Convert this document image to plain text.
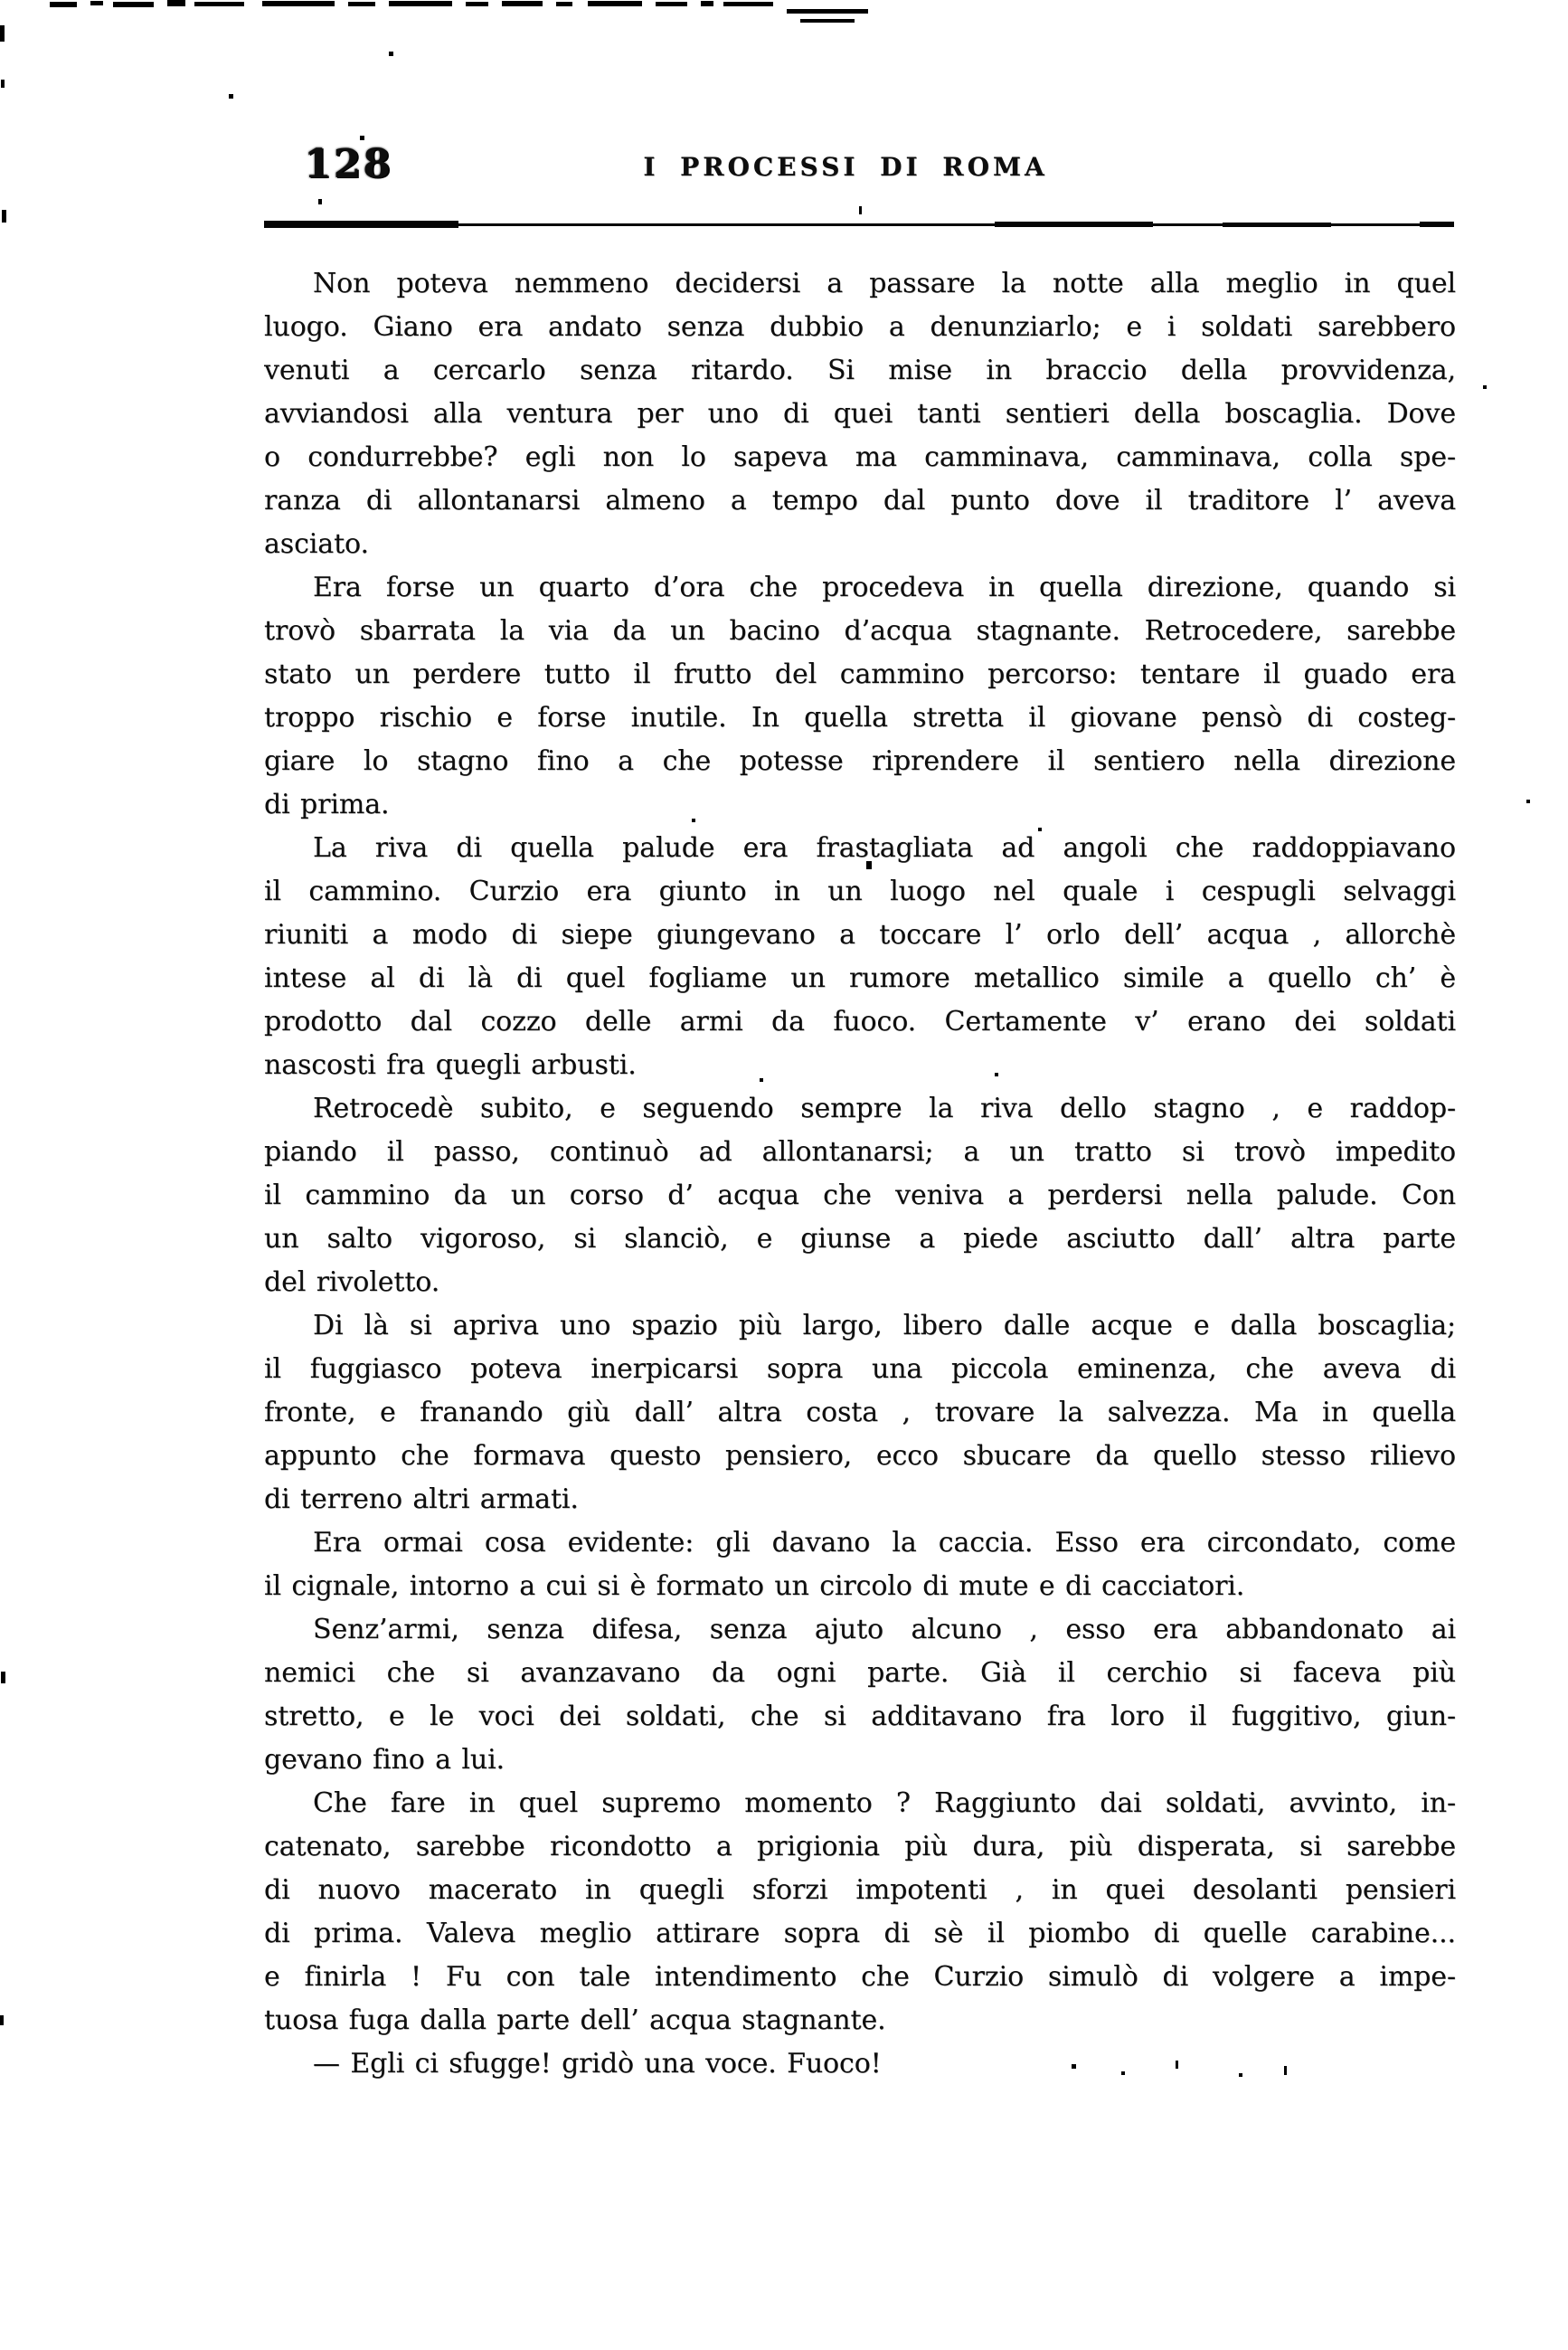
128	I PROCESSI DI ROMA
Non poteva nemmeno decidersi a passare la notte alla meglio in quel
luogo. Giano era andato senza dubbio a denunziarlo; e i soldati sarebbero
venuti a cercarlo senza ritardo. Si mise in braccio della provvidenza,
avviandosi alla ventura per uno di quei tanti sentieri della boscaglia. Dove
o condurrebbe? egli non lo sapeva ma camminava, camminava, colla spe-
ranza di allontanarsi almeno a tempo dal punto dove il traditore l’ aveva
asciato.
Era forse un quarto d’ora che procedeva in quella direzione, quando si
trovò sbarrata la via da un bacino d’acqua stagnante. Retrocedere, sarebbe
stato un perdere tutto il frutto del cammino percorso: tentare il guado era
troppo rischio e forse inutile. In quella stretta il giovane pensò di costeg-
giare lo stagno fino a che potesse riprendere il sentiero nella direzione
di prima.
La riva di quella palude era frastagliata ad angoli che raddoppiavano
il cammino. Curzio era giunto in un luogo nel quale i cespugli selvaggi
riuniti a modo di siepe giungevano a toccare l’ orlo dell’ acqua , allorchè
intese al di là di quel fogliame un rumore metallico simile a quello ch’ è
prodotto dal cozzo delle armi da fuoco. Certamente v’ erano dei soldati
nascosti fra quegli arbusti.
Retrocedè subito, e seguendo sempre la riva dello stagno , e raddop-
piando il passo, continuò ad allontanarsi; a un tratto si trovò impedito
il cammino da un corso d’ acqua che veniva a perdersi nella palude. Con
un salto vigoroso, si slanciò, e giunse a piede asciutto dall’ altra parte
del rivoletto.
Di là si apriva uno spazio più largo, libero dalle acque e dalla boscaglia;
il fuggiasco poteva inerpicarsi sopra una piccola eminenza, che aveva di
fronte, e franando giù dall’ altra costa , trovare la salvezza. Ma in quella
appunto che formava questo pensiero, ecco sbucare da quello stesso rilievo
di terreno altri armati.
Era ormai cosa evidente: gli davano la caccia. Esso era circondato, come
il cignale, intorno a cui si è formato un circolo di mute e di cacciatori.
Senz’armi, senza difesa, senza ajuto alcuno , esso era abbandonato ai
nemici che si avanzavano da ogni parte. Già il cerchio si faceva più
stretto, e le voci dei soldati, che si additavano fra loro il fuggitivo, giun-
gevano fino a lui.
Che fare in quel supremo momento ? Raggiunto dai soldati, avvinto, in-
catenato, sarebbe ricondotto a prigionia più dura, più disperata, si sarebbe
di nuovo macerato in quegli sforzi impotenti , in quei desolanti pensieri
di prima. Valeva meglio attirare sopra di sè il piombo di quelle carabine...
e finirla ! Fu con tale intendimento che Curzio simulò di volgere a impe-
tuosa fuga dalla parte dell’ acqua stagnante.
— Egli ci sfugge! gridò una voce. Fuoco!
